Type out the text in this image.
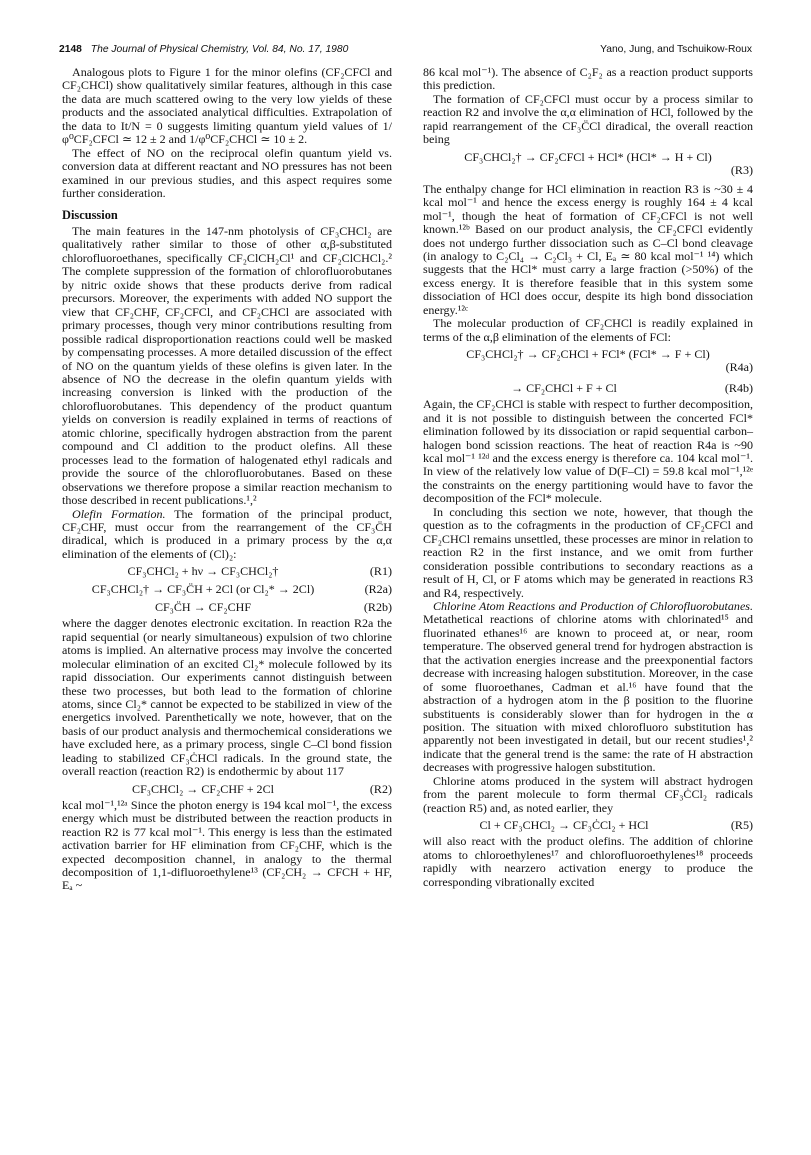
2148 The Journal of Physical Chemistry, Vol. 84, No. 17, 1980	Yano, Jung, and Tschuikow-Roux

Analogous plots to Figure 1 for the minor olefins (CF₂CFCl and CF₂CHCl) show qualitatively similar features, although in this case the data are much scattered owing to the very low yields of these products and the associated analytical difficulties. Extrapolation of the data to It/N = 0 suggests limiting quantum yield values of 1/φ⁰CF₂CFCl ≃ 12 ± 2 and 1/φ⁰CF₂CHCl ≃ 10 ± 2.

The effect of NO on the reciprocal olefin quantum yield vs. conversion data at different reactant and NO pressures has not been examined in our previous studies, and this aspect requires some further consideration.

Discussion

The main features in the 147-nm photolysis of CF₃CHCl₂ are qualitatively rather similar to those of other α,β-substituted chlorofluoroethanes, specifically CF₂ClCH₂Cl¹ and CF₂ClCHCl₂.² The complete suppression of the formation of chlorofluorobutanes by nitric oxide shows that these products derive from radical precursors. Moreover, the experiments with added NO support the view that CF₂CHF, CF₂CFCl, and CF₂CHCl are associated with primary processes, though very minor contributions resulting from possible radical disproportionation reactions could well be masked by compensating processes. A more detailed discussion of the effect of NO on the quantum yields of these olefins is given later. In the absence of NO the decrease in the olefin quantum yields with increasing conversion is linked with the production of the chlorofluorobutanes. This dependency of the product quantum yields on conversion is readily explained in terms of reactions of atomic chlorine, specifically hydrogen abstraction from the parent compound and Cl addition to the product olefins. All these processes lead to the formation of halogenated ethyl radicals and provide the source of the chlorofluorobutanes. Based on these observations we therefore propose a similar reaction mechanism to those described in recent publications.¹,²

Olefin Formation. The formation of the principal product, CF₂CHF, must occur from the rearrangement of the CF₃C̈H diradical, which is produced in a primary process by the α,α elimination of the elements of (Cl)₂:

CF₃CHCl₂ + hν → CF₃CHCl₂†	(R1)
CF₃CHCl₂† → CF₃C̈H + 2Cl (or Cl₂* → 2Cl)	(R2a)
CF₃C̈H → CF₂CHF	(R2b)

where the dagger denotes electronic excitation. In reaction R2a the rapid sequential (or nearly simultaneous) expulsion of two chlorine atoms is implied. An alternative process may involve the concerted molecular elimination of an excited Cl₂* molecule followed by its rapid dissociation. Our experiments cannot distinguish between these two processes, but both lead to the formation of chlorine atoms, since Cl₂* cannot be expected to be stabilized in view of the energetics involved. Parenthetically we note, however, that on the basis of our product analysis and thermochemical considerations we have excluded here, as a primary process, single C–Cl bond fission leading to stabilized CF₃ĊHCl radicals. In the ground state, the overall reaction (reaction R2) is endothermic by about 117

CF₃CHCl₂ → CF₂CHF + 2Cl	(R2)

kcal mol⁻¹,¹²ᵃ Since the photon energy is 194 kcal mol⁻¹, the excess energy which must be distributed between the reaction products in reaction R2 is 77 kcal mol⁻¹. This energy is less than the estimated activation barrier for HF elimination from CF₂CHF, which is the expected decomposition channel, in analogy to the thermal decomposition of 1,1-difluoroethylene¹³ (CF₂CH₂ → CFCH + HF, Eₐ ~

86 kcal mol⁻¹). The absence of C₂F₂ as a reaction product supports this prediction.

The formation of CF₂CFCl must occur by a process similar to reaction R2 and involve the α,α elimination of HCl, followed by the rapid rearrangement of the CF₃C̈Cl diradical, the overall reaction being

CF₃CHCl₂† → CF₂CFCl + HCl* (HCl* → H + Cl)
(R3)

The enthalpy change for HCl elimination in reaction R3 is ~30 ± 4 kcal mol⁻¹ and hence the excess energy is roughly 164 ± 4 kcal mol⁻¹, though the heat of formation of CF₂CFCl is not well known.¹²ᵇ Based on our product analysis, the CF₂CFCl evidently does not undergo further dissociation such as C–Cl bond cleavage (in analogy to C₂Cl₄ → C₂Cl₃ + Cl, Eₐ ≃ 80 kcal mol⁻¹ ¹⁴) which suggests that the HCl* must carry a large fraction (>50%) of the excess energy. It is therefore feasible that in this system some dissociation of HCl does occur, despite its high bond dissociation energy.¹²ᶜ

The molecular production of CF₂CHCl is readily explained in terms of the α,β elimination of the elements of FCl:

CF₃CHCl₂† → CF₂CHCl + FCl* (FCl* → F + Cl)
(R4a)
→ CF₂CHCl + F + Cl	(R4b)

Again, the CF₂CHCl is stable with respect to further decomposition, and it is not possible to distinguish between the concerted FCl* elimination followed by its dissociation or rapid sequential carbon–halogen bond scission reactions. The heat of reaction R4a is ~90 kcal mol⁻¹ ¹²ᵈ and the excess energy is therefore ca. 104 kcal mol⁻¹. In view of the relatively low value of D(F–Cl) = 59.8 kcal mol⁻¹,¹²ᵉ the constraints on the energy partitioning would have to favor the decomposition of the FCl* molecule.

In concluding this section we note, however, that though the question as to the cofragments in the production of CF₂CFCl and CF₂CHCl remains unsettled, these processes are minor in relation to reaction R2 in the first instance, and we omit from further consideration possible contributions to secondary reactions as a result of H, Cl, or F atoms which may be generated in reactions R3 and R4, respectively.

Chlorine Atom Reactions and Production of Chlorofluorobutanes. Metathetical reactions of chlorine atoms with chlorinated¹⁵ and fluorinated ethanes¹⁶ are known to proceed at, or near, room temperature. The observed general trend for hydrogen abstraction is that the activation energies increase and the preexponential factors decrease with increasing halogen substitution. Moreover, in the case of some fluoroethanes, Cadman et al.¹⁶ have found that the abstraction of a hydrogen atom in the β position to the fluorine substituents is considerably slower than for hydrogen in the α position. The situation with mixed chlorofluoro substitution has apparently not been investigated in detail, but our recent studies¹,² indicate that the general trend is the same: the rate of H abstraction decreases with progressive halogen substitution.

Chlorine atoms produced in the system will abstract hydrogen from the parent molecule to form thermal CF₃ĊCl₂ radicals (reaction R5) and, as noted earlier, they

Cl + CF₃CHCl₂ → CF₃ĊCl₂ + HCl	(R5)

will also react with the product olefins. The addition of chlorine atoms to chloroethylenes¹⁷ and chlorofluoroethylenes¹⁸ proceeds rapidly with nearzero activation energy to produce the corresponding vibrationally excited
